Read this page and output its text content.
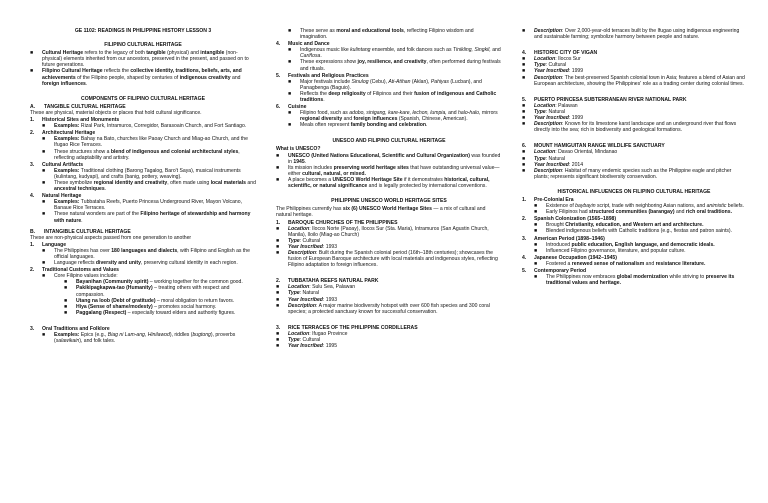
GE 1102: READINGS IN PHILIPPINE HISTORY LESSON 3
FILIPINO CULTURAL HERITAGE
■	Cultural Heritage refers to the legacy of both tangible (physical) and intangible (non-physical) elements inherited from our ancestors, preserved in the present, and passed on to future generations.
■	Filipino Cultural Heritage reflects the collective identity, traditions, beliefs, arts, and achievements of the Filipino people, shaped by centuries of indigenous creativity and foreign influences.
COMPONENTS OF FILIPINO CULTURAL HERITAGE
A.	TANGIBLE CULTURAL HERITAGE
These are physical, material objects or places that hold cultural significance.
1.	Historical Sites and Monuments
■	Examples: Rizal Park, Intramuros, Corregidor, Barasoain Church, and Fort Santiago.
2.	Architectural Heritage
■	Examples: Bahay na Bato, churches like Paoay Church and Miag-ao Church, and the Ifugao Rice Terraces.
■	These structures show a blend of indigenous and colonial architectural styles, reflecting adaptability and artistry.
3.	Cultural Artifacts
■	Examples: Traditional clothing (Barong Tagalog, Baro't Saya), musical instruments (kulintang, kudyapi), and crafts (banig, pottery, weaving).
■	These symbolize regional identity and creativity, often made using local materials and ancestral techniques.
4.	Natural Heritage
■	Examples: Tubbataha Reefs, Puerto Princesa Underground River, Mayon Volcano, Banaue Rice Terraces.
■	These natural wonders are part of the Filipino heritage of stewardship and harmony with nature.
B.	INTANGIBLE CULTURAL HERITAGE
These are non-physical aspects passed from one generation to another
1.	Language
■	The Philippines has over 180 languages and dialects, with Filipino and English as the official languages.
■	Language reflects diversity and unity, preserving cultural identity in each region.
2.	Traditional Customs and Values
■	Core Filipino values include:
■	Bayanihan (Community spirit) – working together for the common good.
■	Pakikipagkapwa-tao (Humanity) – treating others with respect and compassion.
■	Utang na loob (Debt of gratitude) – moral obligation to return favors.
■	Hiya (Sense of shame/modesty) – promotes social harmony.
■	Paggalang (Respect) – especially toward elders and authority figures.
3.	Oral Traditions and Folklore
■	Examples: Epics (e.g., Biag ni Lam-ang, Hinilawod), riddles (bugtong), proverbs (salawikain), and folk tales.
■	These serve as moral and educational tools, reflecting Filipino wisdom and imagination.
4.	Music and Dance
■	Indigenous music like kulintang ensemble, and folk dances such as Tinikling, Singkil, and Cariñosa.
■	These expressions show joy, resilience, and creativity, often performed during festivals and rituals.
5.	Festivals and Religious Practices
■	Major festivals include Sinulog (Cebu), Ati-Atihan (Aklan), Pahiyas (Lucban), and Panagbenga (Baguio).
■	Reflects the deep religiosity of Filipinos and their fusion of indigenous and Catholic traditions.
6.	Cuisine
■	Filipino food, such as adobo, sinigang, kare-kare, lechon, lumpia, and halo-halo, mirrors regional diversity and foreign influences (Spanish, Chinese, American).
■	Meals often represent family bonding and celebration.
UNESCO AND FILIPINO CULTURAL HERITAGE
What is UNESCO?
■	UNESCO (United Nations Educational, Scientific and Cultural Organization) was founded in 1945.
■	Its mission includes preserving world heritage sites that have outstanding universal value—either cultural, natural, or mixed.
■	A place becomes a UNESCO World Heritage Site if it demonstrates historical, cultural, scientific, or natural significance and is legally protected by international conventions.
PHILIPPINE UNESCO WORLD HERITAGE SITES
The Philippines currently has six (6) UNESCO World Heritage Sites — a mix of cultural and natural heritage.
1.	BAROQUE CHURCHES OF THE PHILIPPINES
■	Location: Ilocos Norte (Paoay), Ilocos Sur (Sta. Maria), Intramuros (San Agustin Church, Manila), Iloilo (Miag-ao Church)
■	Type: Cultural
■	Year Inscribed: 1993
■	Description: Built during the Spanish colonial period (16th–18th centuries); showcases the fusion of European Baroque architecture with local materials and indigenous styles, reflecting Filipino adaptation to foreign influences.
2.	TUBBATAHA REEFS NATURAL PARK
■	Location: Sulu Sea, Palawan
■	Type: Natural
■	Year Inscribed: 1993
■	Description: A major marine biodiversity hotspot with over 600 fish species and 300 coral species; a protected sanctuary known for successful conservation.
3.	RICE TERRACES OF THE PHILIPPINE CORDILLERAS
■	Location: Ifugao Province
■	Type: Cultural
■	Year Inscribed: 1995
■	Description: Over 2,000-year-old terraces built by the Ifugao using indigenous engineering and sustainable farming; symbolize harmony between people and nature.
4.	HISTORIC CITY OF VIGAN
■	Location: Ilocos Sur
■	Type: Cultural
■	Year Inscribed: 1999
■	Description: The best-preserved Spanish colonial town in Asia; features a blend of Asian and European architecture, showing the Philippines' role as a trading center during colonial times.
5.	PUERTO PRINCESA SUBTERRANEAN RIVER NATIONAL PARK
■	Location: Palawan
■	Type: Natural
■	Year Inscribed: 1999
■	Description: Known for its limestone karst landscape and an underground river that flows directly into the sea; rich in biodiversity and geological formations.
6.	MOUNT HAMIGUITAN RANGE WILDLIFE SANCTUARY
■	Location: Davao Oriental, Mindanao
■	Type: Natural
■	Year Inscribed: 2014
■	Description: Habitat of many endemic species such as the Philippine eagle and pitcher plants; represents significant biodiversity conservation.
HISTORICAL INFLUENCES ON FILIPINO CULTURAL HERITAGE
1.	Pre-Colonial Era
■	Existence of baybayin script, trade with neighboring Asian nations, and animistic beliefs.
■	Early Filipinos had structured communities (barangay) and rich oral traditions.
2.	Spanish Colonization (1565–1898)
■	Brought Christianity, education, and Western art and architecture.
■	Blended indigenous beliefs with Catholic traditions (e.g., fiestas and patron saints).
3.	American Period (1898–1946)
■	Introduced public education, English language, and democratic ideals.
■	Influenced Filipino governance, literature, and popular culture.
4.	Japanese Occupation (1942–1945)
■	Fostered a renewed sense of nationalism and resistance literature.
5.	Contemporary Period
■	The Philippines now embraces global modernization while striving to preserve its traditional values and heritage.
